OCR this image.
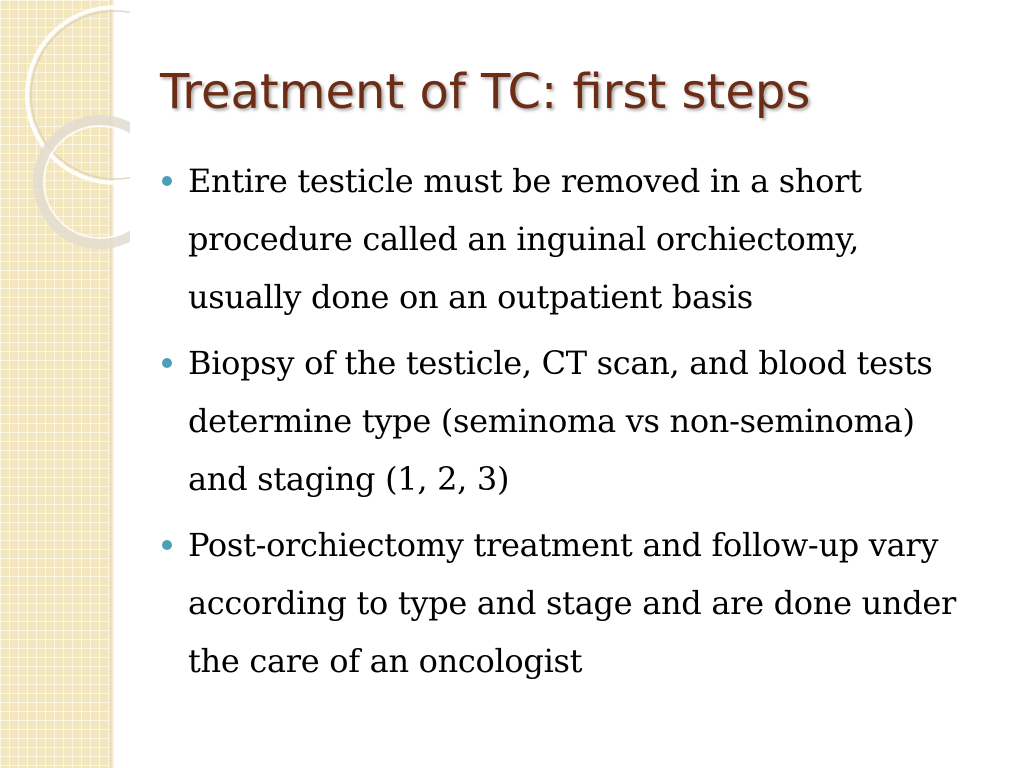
Treatment of TC: first steps
Entire testicle must be removed in a short procedure called an inguinal orchiectomy, usually done on an outpatient basis
Biopsy of the testicle, CT scan, and blood tests determine type (seminoma vs non-seminoma) and staging (1, 2, 3)
Post-orchiectomy treatment and follow-up vary according to type and stage and are done under the care of an oncologist
